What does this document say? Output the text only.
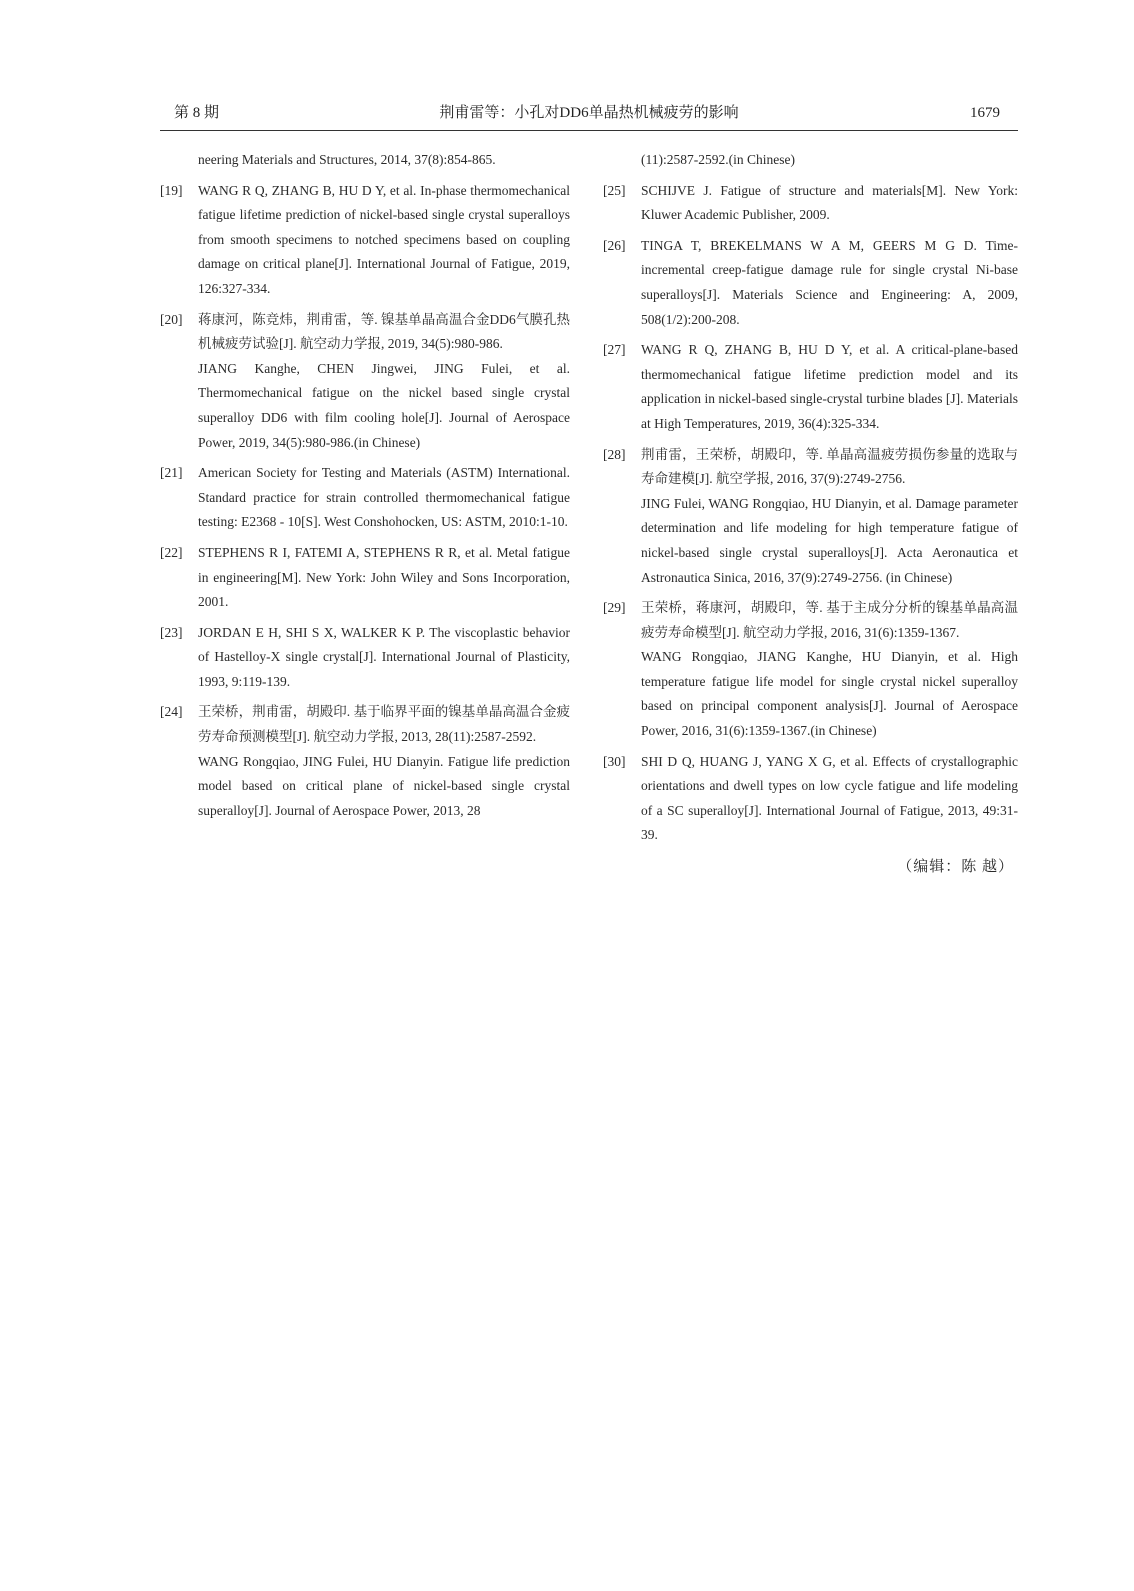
第 8 期	荆甫雷等：小孔对DD6单晶热机械疲劳的影响	1679

neering Materials and Structures, 2014, 37(8):854-865.

[19] WANG R Q, ZHANG B, HU D Y, et al. In-phase thermomechanical fatigue lifetime prediction of nickel-based single crystal superalloys from smooth specimens to notched specimens based on coupling damage on critical plane[J]. International Journal of Fatigue, 2019, 126:327-334.

[20] 蒋康河，陈竞炜，荆甫雷，等. 镍基单晶高温合金DD6气膜孔热机械疲劳试验[J]. 航空动力学报, 2019, 34(5):980-986.

JIANG Kanghe, CHEN Jingwei, JING Fulei, et al. Thermomechanical fatigue on the nickel based single crystal superalloy DD6 with film cooling hole[J]. Journal of Aerospace Power, 2019, 34(5):980-986.(in Chinese)

[21] American Society for Testing and Materials (ASTM) International. Standard practice for strain controlled thermomechanical fatigue testing: E2368 - 10[S]. West Conshohocken, US: ASTM, 2010:1-10.

[22] STEPHENS R I, FATEMI A, STEPHENS R R, et al. Metal fatigue in engineering[M]. New York: John Wiley and Sons Incorporation, 2001.

[23] JORDAN E H, SHI S X, WALKER K P. The viscoplastic behavior of Hastelloy-X single crystal[J]. International Journal of Plasticity, 1993, 9:119-139.

[24] 王荣桥，荆甫雷，胡殿印. 基于临界平面的镍基单晶高温合金疲劳寿命预测模型[J]. 航空动力学报, 2013, 28(11):2587-2592.

WANG Rongqiao, JING Fulei, HU Dianyin. Fatigue life prediction model based on critical plane of nickel-based single crystal superalloy[J]. Journal of Aerospace Power, 2013, 28

(11):2587-2592.(in Chinese)

[25] SCHIJVE J. Fatigue of structure and materials[M]. New York: Kluwer Academic Publisher, 2009.

[26] TINGA T, BREKELMANS W A M, GEERS M G D. Time-incremental creep-fatigue damage rule for single crystal Ni-base superalloys[J]. Materials Science and Engineering: A, 2009, 508(1/2):200-208.

[27] WANG R Q, ZHANG B, HU D Y, et al. A critical-plane-based thermomechanical fatigue lifetime prediction model and its application in nickel-based single-crystal turbine blades [J]. Materials at High Temperatures, 2019, 36(4):325-334.

[28] 荆甫雷，王荣桥，胡殿印，等. 单晶高温疲劳损伤参量的选取与寿命建模[J]. 航空学报, 2016, 37(9):2749-2756.

JING Fulei, WANG Rongqiao, HU Dianyin, et al. Damage parameter determination and life modeling for high temperature fatigue of nickel-based single crystal superalloys[J]. Acta Aeronautica et Astronautica Sinica, 2016, 37(9):2749-2756. (in Chinese)

[29] 王荣桥，蒋康河，胡殿印，等. 基于主成分分析的镍基单晶高温疲劳寿命模型[J]. 航空动力学报, 2016, 31(6):1359-1367.

WANG Rongqiao, JIANG Kanghe, HU Dianyin, et al. High temperature fatigue life model for single crystal nickel superalloy based on principal component analysis[J]. Journal of Aerospace Power, 2016, 31(6):1359-1367.(in Chinese)

[30] SHI D Q, HUANG J, YANG X G, et al. Effects of crystallographic orientations and dwell types on low cycle fatigue and life modeling of a SC superalloy[J]. International Journal of Fatigue, 2013, 49:31-39.

（编辑：陈 越）
